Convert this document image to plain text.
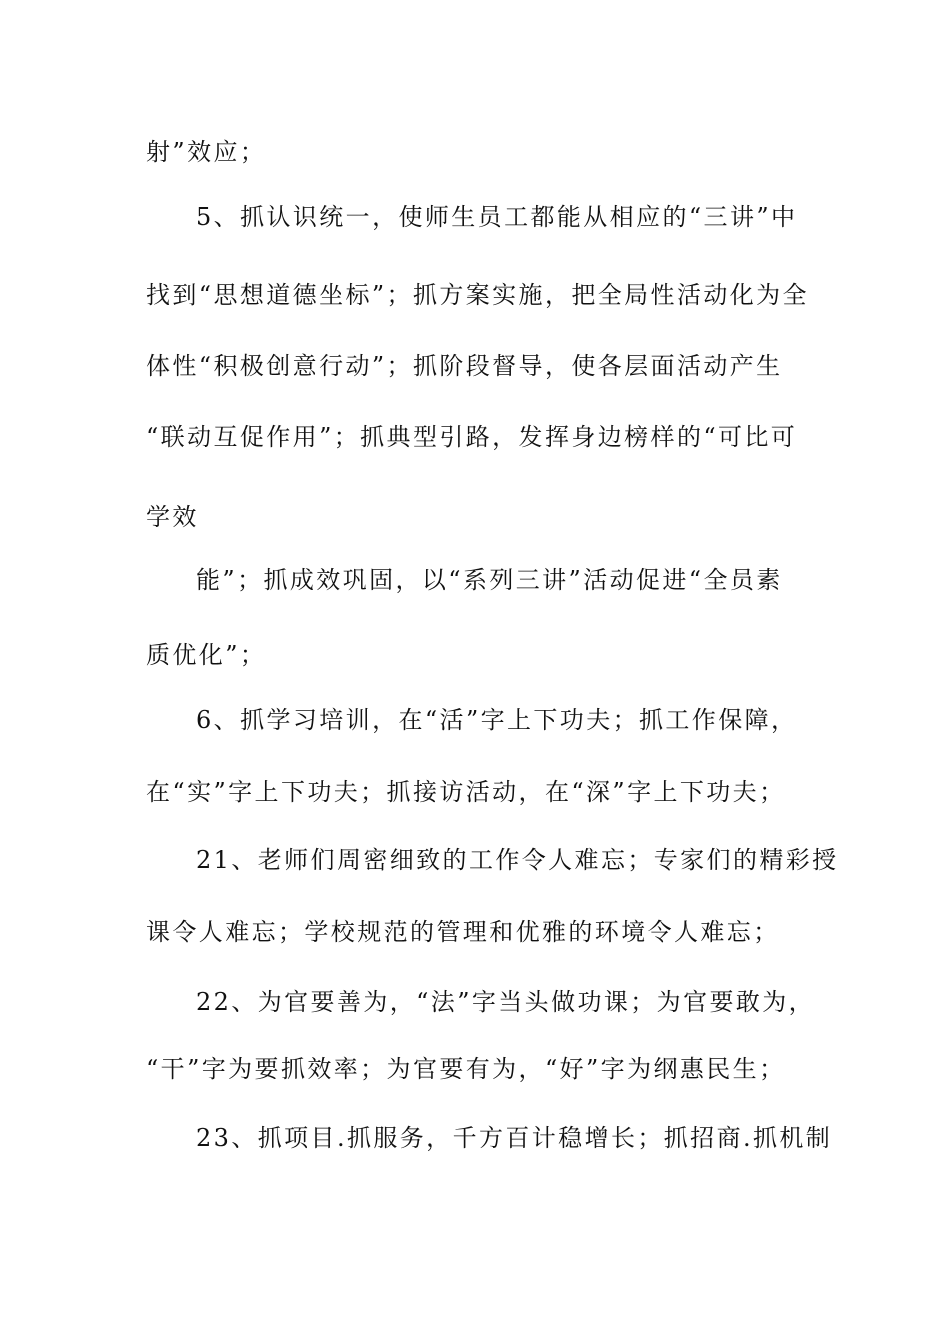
射”效应；
5、抓认识统一，使师生员工都能从相应的“三讲”中
找到“思想道德坐标”；抓方案实施，把全局性活动化为全
体性“积极创意行动”；抓阶段督导，使各层面活动产生
“联动互促作用”；抓典型引路，发挥身边榜样的“可比可
学效
能”；抓成效巩固，以“系列三讲”活动促进“全员素
质优化”；
6、抓学习培训，在“活”字上下功夫；抓工作保障，
在“实”字上下功夫；抓接访活动，在“深”字上下功夫；
21、老师们周密细致的工作令人难忘；专家们的精彩授
课令人难忘；学校规范的管理和优雅的环境令人难忘；
22、为官要善为，“法”字当头做功课；为官要敢为，
“干”字为要抓效率；为官要有为，“好”字为纲惠民生；
23、抓项目.抓服务，千方百计稳增长；抓招商.抓机制
